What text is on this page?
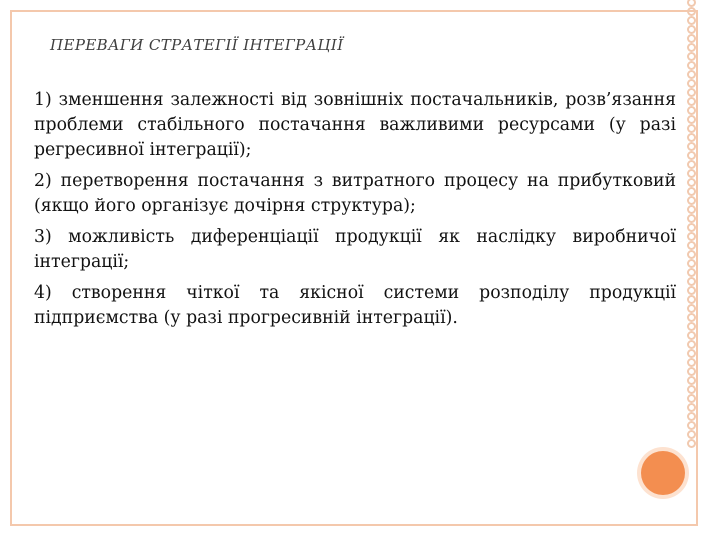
ПЕРЕВАГИ СТРАТЕГІЇ ІНТЕГРАЦІЇ

1) зменшення залежності від зовнішніх постачальників, розв’язання проблеми стабільного постачання важливими ресурсами (у разі регресивної інтеграції);

2) перетворення постачання з витратного процесу на прибутковий (якщо його організує дочірня структура);

3) можливість диференціації продукції як наслідку виробничої інтеграції;

4) створення чіткої та якісної системи розподілу продукції підприємства (у разі прогресивній інтеграції).
